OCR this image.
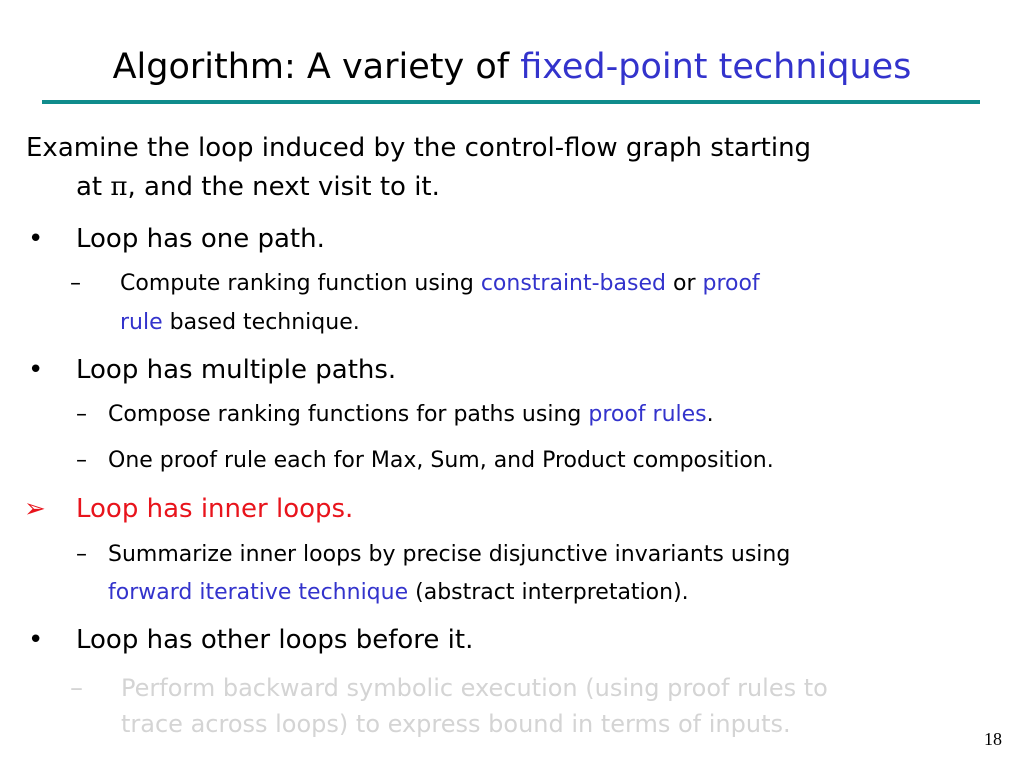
Algorithm: A variety of fixed-point techniques
Examine the loop induced by the control-flow graph starting
at π, and the next visit to it.
• Loop has one path.
– Compute ranking function using constraint-based or proof
rule based technique.
• Loop has multiple paths.
– Compose ranking functions for paths using proof rules.
– One proof rule each for Max, Sum, and Product composition.
➢ Loop has inner loops.
– Summarize inner loops by precise disjunctive invariants using
forward iterative technique (abstract interpretation).
• Loop has other loops before it.
– Perform backward symbolic execution (using proof rules to
trace across loops) to express bound in terms of inputs.
18
